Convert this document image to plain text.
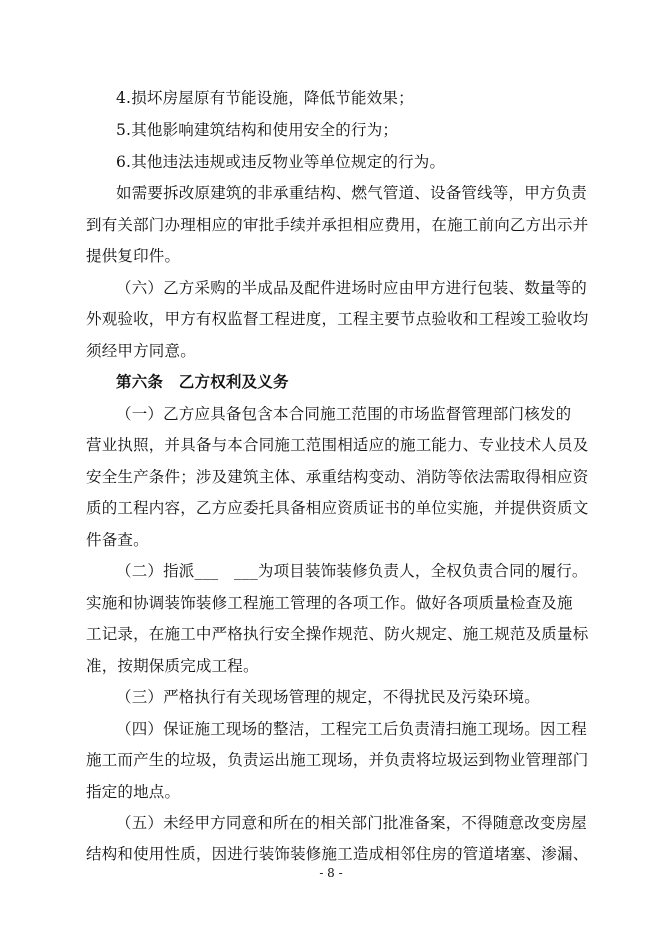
4.损坏房屋原有节能设施，降低节能效果；
5.其他影响建筑结构和使用安全的行为；
6.其他违法违规或违反物业等单位规定的行为。
如需要拆改原建筑的非承重结构、燃气管道、设备管线等，甲方负责
到有关部门办理相应的审批手续并承担相应费用，在施工前向乙方出示并
提供复印件。
（六）乙方采购的半成品及配件进场时应由甲方进行包装、数量等的
外观验收，甲方有权监督工程进度，工程主要节点验收和工程竣工验收均
须经甲方同意。
第六条　乙方权利及义务
（一）乙方应具备包含本合同施工范围的市场监督管理部门核发的
营业执照，并具备与本合同施工范围相适应的施工能力、专业技术人员及
安全生产条件；涉及建筑主体、承重结构变动、消防等依法需取得相应资
质的工程内容，乙方应委托具备相应资质证书的单位实施，并提供资质文
件备查。
（二）指派___　___为项目装饰装修负责人，全权负责合同的履行。
实施和协调装饰装修工程施工管理的各项工作。做好各项质量检查及施
工记录，在施工中严格执行安全操作规范、防火规定、施工规范及质量标
准，按期保质完成工程。
（三）严格执行有关现场管理的规定，不得扰民及污染环境。
（四）保证施工现场的整洁，工程完工后负责清扫施工现场。因工程
施工而产生的垃圾，负责运出施工现场，并负责将垃圾运到物业管理部门
指定的地点。
（五）未经甲方同意和所在的相关部门批准备案，不得随意改变房屋
结构和使用性质，因进行装饰装修施工造成相邻住房的管道堵塞、渗漏、
- 8 -
